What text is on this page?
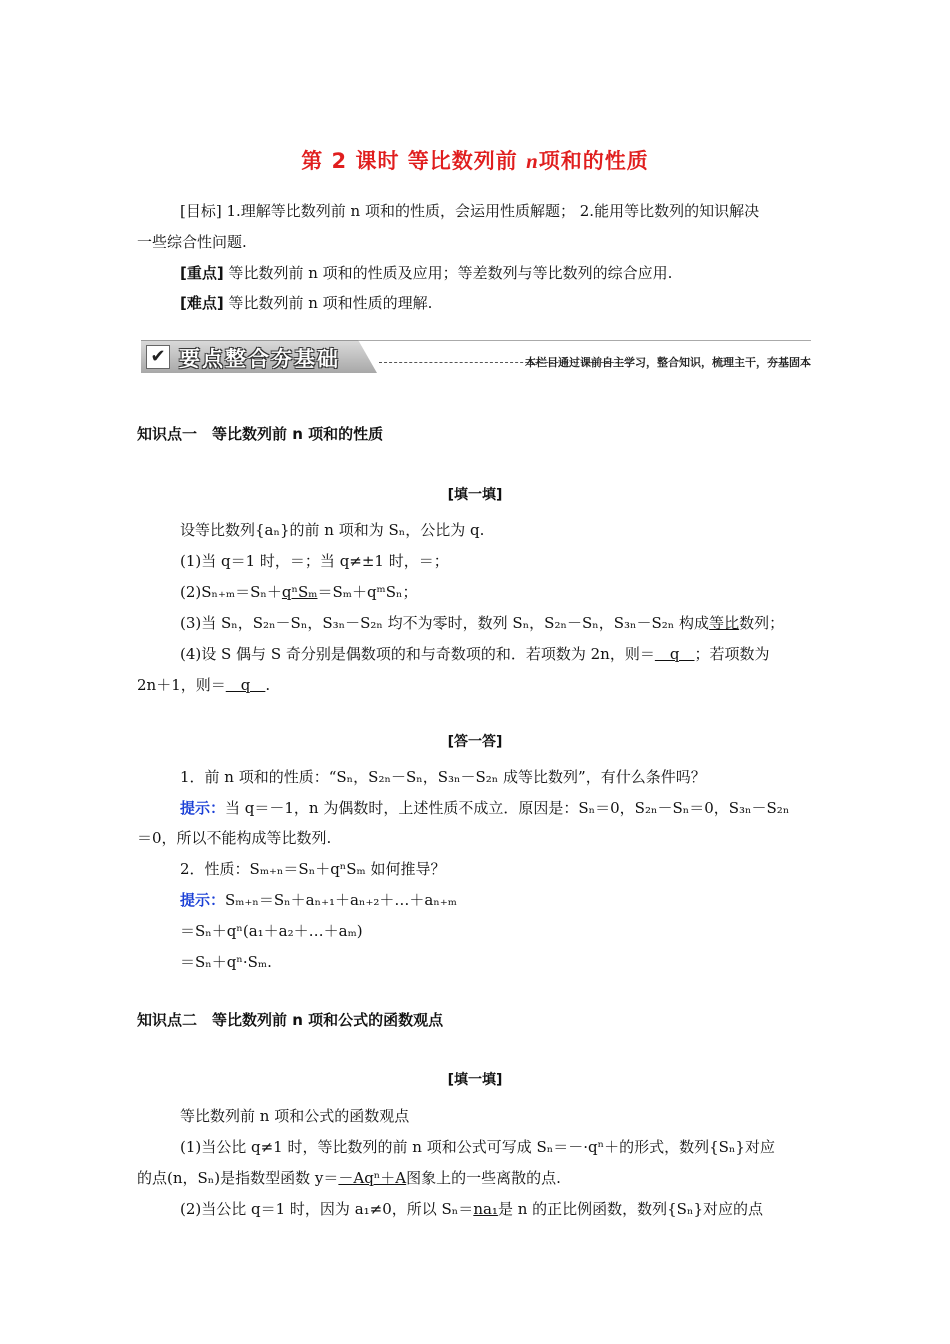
第 2 课时 等比数列前 n项和的性质
[目标] 1.理解等比数列前 n 项和的性质，会运用性质解题； 2.能用等比数列的知识解决
一些综合性问题.
[重点] 等比数列前 n 项和的性质及应用；等差数列与等比数列的综合应用.
[难点] 等比数列前 n 项和性质的理解.
✔ 要点整合夯基础	本栏目通过课前自主学习，整合知识，梳理主干，夯基固本
知识点一　等比数列前 n 项和的性质
[填一填]
设等比数列{aₙ}的前 n 项和为 Sₙ，公比为 q.
(1)当 q＝1 时，＝；当 q≠±1 时，＝；
(2)Sₙ₊ₘ＝Sₙ＋qⁿSₘ＝Sₘ＋qᵐSₙ；
(3)当 Sₙ，S₂ₙ－Sₙ，S₃ₙ－S₂ₙ 均不为零时，数列 Sₙ，S₂ₙ－Sₙ，S₃ₙ－S₂ₙ 构成等比数列；
(4)设 S 偶与 S 奇分别是偶数项的和与奇数项的和．若项数为 2n，则＝　q　；若项数为
2n＋1，则＝　q　.
[答一答]
1．前 n 项和的性质：“Sₙ，S₂ₙ－Sₙ，S₃ₙ－S₂ₙ 成等比数列”，有什么条件吗？
提示：当 q＝－1，n 为偶数时，上述性质不成立．原因是：Sₙ＝0，S₂ₙ－Sₙ＝0，S₃ₙ－S₂ₙ
＝0，所以不能构成等比数列.
2．性质：Sₘ₊ₙ＝Sₙ＋qⁿSₘ 如何推导？
提示：Sₘ₊ₙ＝Sₙ＋aₙ₊₁＋aₙ₊₂＋…＋aₙ₊ₘ
＝Sₙ＋qⁿ(a₁＋a₂＋…＋aₘ)
＝Sₙ＋qⁿ·Sₘ.
知识点二　等比数列前 n 项和公式的函数观点
[填一填]
等比数列前 n 项和公式的函数观点
(1)当公比 q≠1 时，等比数列的前 n 项和公式可写成 Sₙ＝－·qⁿ＋的形式，数列{Sₙ}对应
的点(n，Sₙ)是指数型函数 y＝－Aqⁿ＋A图象上的一些离散的点.
(2)当公比 q＝1 时，因为 a₁≠0，所以 Sₙ＝na₁是 n 的正比例函数，数列{Sₙ}对应的点
